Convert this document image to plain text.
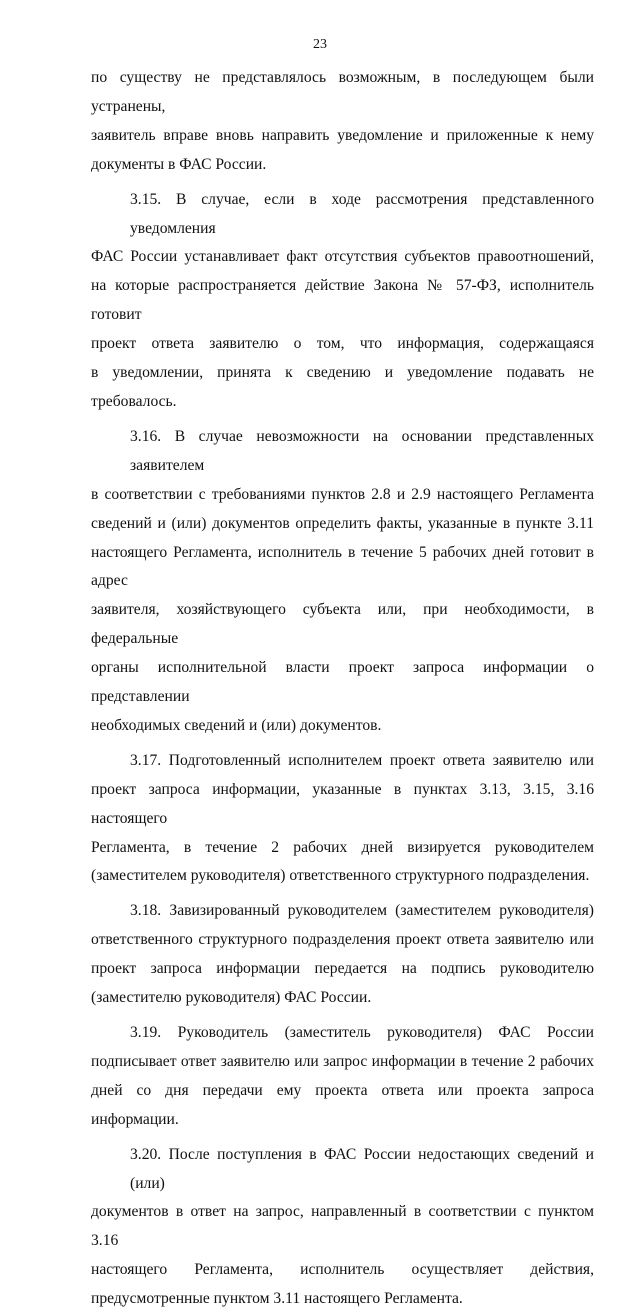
23
по существу не представлялось возможным, в последующем были устранены,
заявитель вправе вновь направить уведомление и приложенные к нему
документы в ФАС России.
3.15. В случае, если в ходе рассмотрения представленного уведомления
ФАС России устанавливает факт отсутствия субъектов правоотношений,
на которые распространяется действие Закона № 57-ФЗ, исполнитель готовит
проект ответа заявителю о том, что информация, содержащаяся
в уведомлении, принята к сведению и уведомление подавать не требовалось.
3.16. В случае невозможности на основании представленных заявителем
в соответствии с требованиями пунктов 2.8 и 2.9 настоящего Регламента
сведений и (или) документов определить факты, указанные в пункте 3.11
настоящего Регламента, исполнитель в течение 5 рабочих дней готовит в адрес
заявителя, хозяйствующего субъекта или, при необходимости, в федеральные
органы исполнительной власти проект запроса информации о представлении
необходимых сведений и (или) документов.
3.17. Подготовленный исполнителем проект ответа заявителю или
проект запроса информации, указанные в пунктах 3.13, 3.15, 3.16 настоящего
Регламента, в течение 2 рабочих дней визируется руководителем
(заместителем руководителя) ответственного структурного подразделения.
3.18. Завизированный руководителем (заместителем руководителя)
ответственного структурного подразделения проект ответа заявителю или
проект запроса информации передается на подпись руководителю
(заместителю руководителя) ФАС России.
3.19. Руководитель (заместитель руководителя) ФАС России
подписывает ответ заявителю или запрос информации в течение 2 рабочих
дней со дня передачи ему проекта ответа или проекта запроса информации.
3.20. После поступления в ФАС России недостающих сведений и (или)
документов в ответ на запрос, направленный в соответствии с пунктом 3.16
настоящего Регламента, исполнитель осуществляет действия,
предусмотренные пунктом 3.11 настоящего Регламента.
